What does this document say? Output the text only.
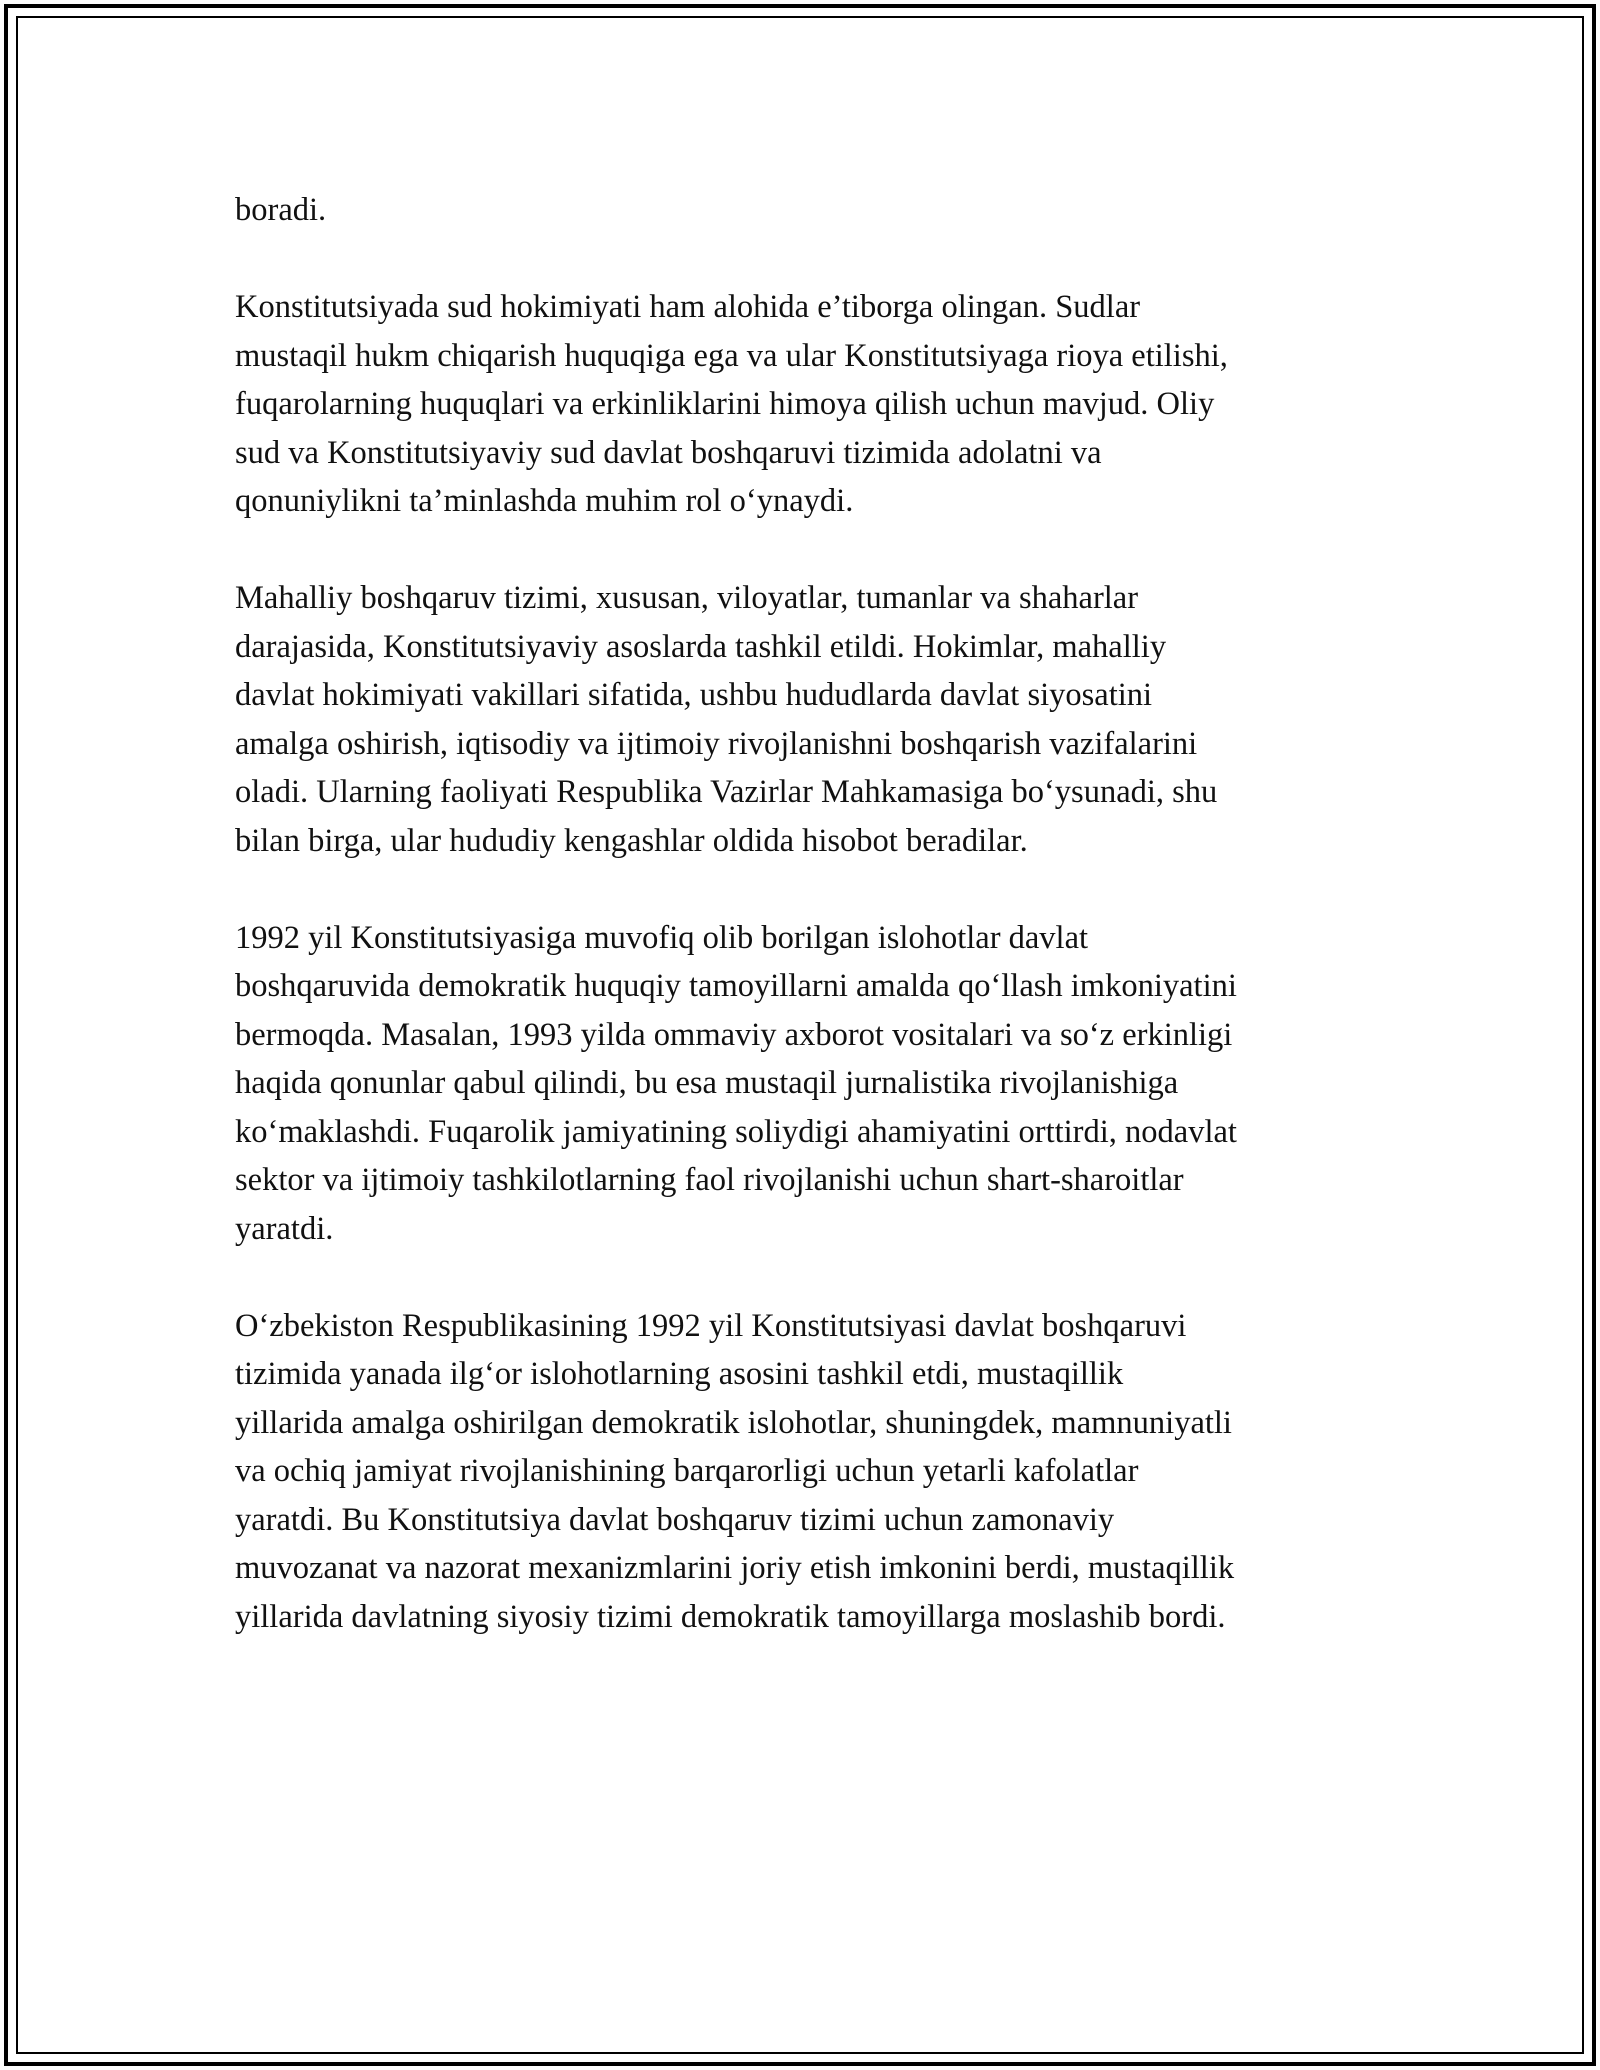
boradi.

Konstitutsiyada sud hokimiyati ham alohida e’tiborga olingan. Sudlar
mustaqil hukm chiqarish huquqiga ega va ular Konstitutsiyaga rioya etilishi,
fuqarolarning huquqlari va erkinliklarini himoya qilish uchun mavjud. Oliy
sud va Konstitutsiyaviy sud davlat boshqaruvi tizimida adolatni va
qonuniylikni ta’minlashda muhim rol o‘ynaydi.

Mahalliy boshqaruv tizimi, xususan, viloyatlar, tumanlar va shaharlar
darajasida, Konstitutsiyaviy asoslarda tashkil etildi. Hokimlar, mahalliy
davlat hokimiyati vakillari sifatida, ushbu hududlarda davlat siyosatini
amalga oshirish, iqtisodiy va ijtimoiy rivojlanishni boshqarish vazifalarini
oladi. Ularning faoliyati Respublika Vazirlar Mahkamasiga bo‘ysunadi, shu
bilan birga, ular hududiy kengashlar oldida hisobot beradilar.

1992 yil Konstitutsiyasiga muvofiq olib borilgan islohotlar davlat
boshqaruvida demokratik huquqiy tamoyillarni amalda qo‘llash imkoniyatini
bermoqda. Masalan, 1993 yilda ommaviy axborot vositalari va so‘z erkinligi
haqida qonunlar qabul qilindi, bu esa mustaqil jurnalistika rivojlanishiga
ko‘maklashdi. Fuqarolik jamiyatining soliydigi ahamiyatini orttirdi, nodavlat
sektor va ijtimoiy tashkilotlarning faol rivojlanishi uchun shart-sharoitlar
yaratdi.

O‘zbekiston Respublikasining 1992 yil Konstitutsiyasi davlat boshqaruvi
tizimida yanada ilg‘or islohotlarning asosini tashkil etdi, mustaqillik
yillarida amalga oshirilgan demokratik islohotlar, shuningdek, mamnuniyatli
va ochiq jamiyat rivojlanishining barqarorligi uchun yetarli kafolatlar
yaratdi. Bu Konstitutsiya davlat boshqaruv tizimi uchun zamonaviy
muvozanat va nazorat mexanizmlarini joriy etish imkonini berdi, mustaqillik
yillarida davlatning siyosiy tizimi demokratik tamoyillarga moslashib bordi.
